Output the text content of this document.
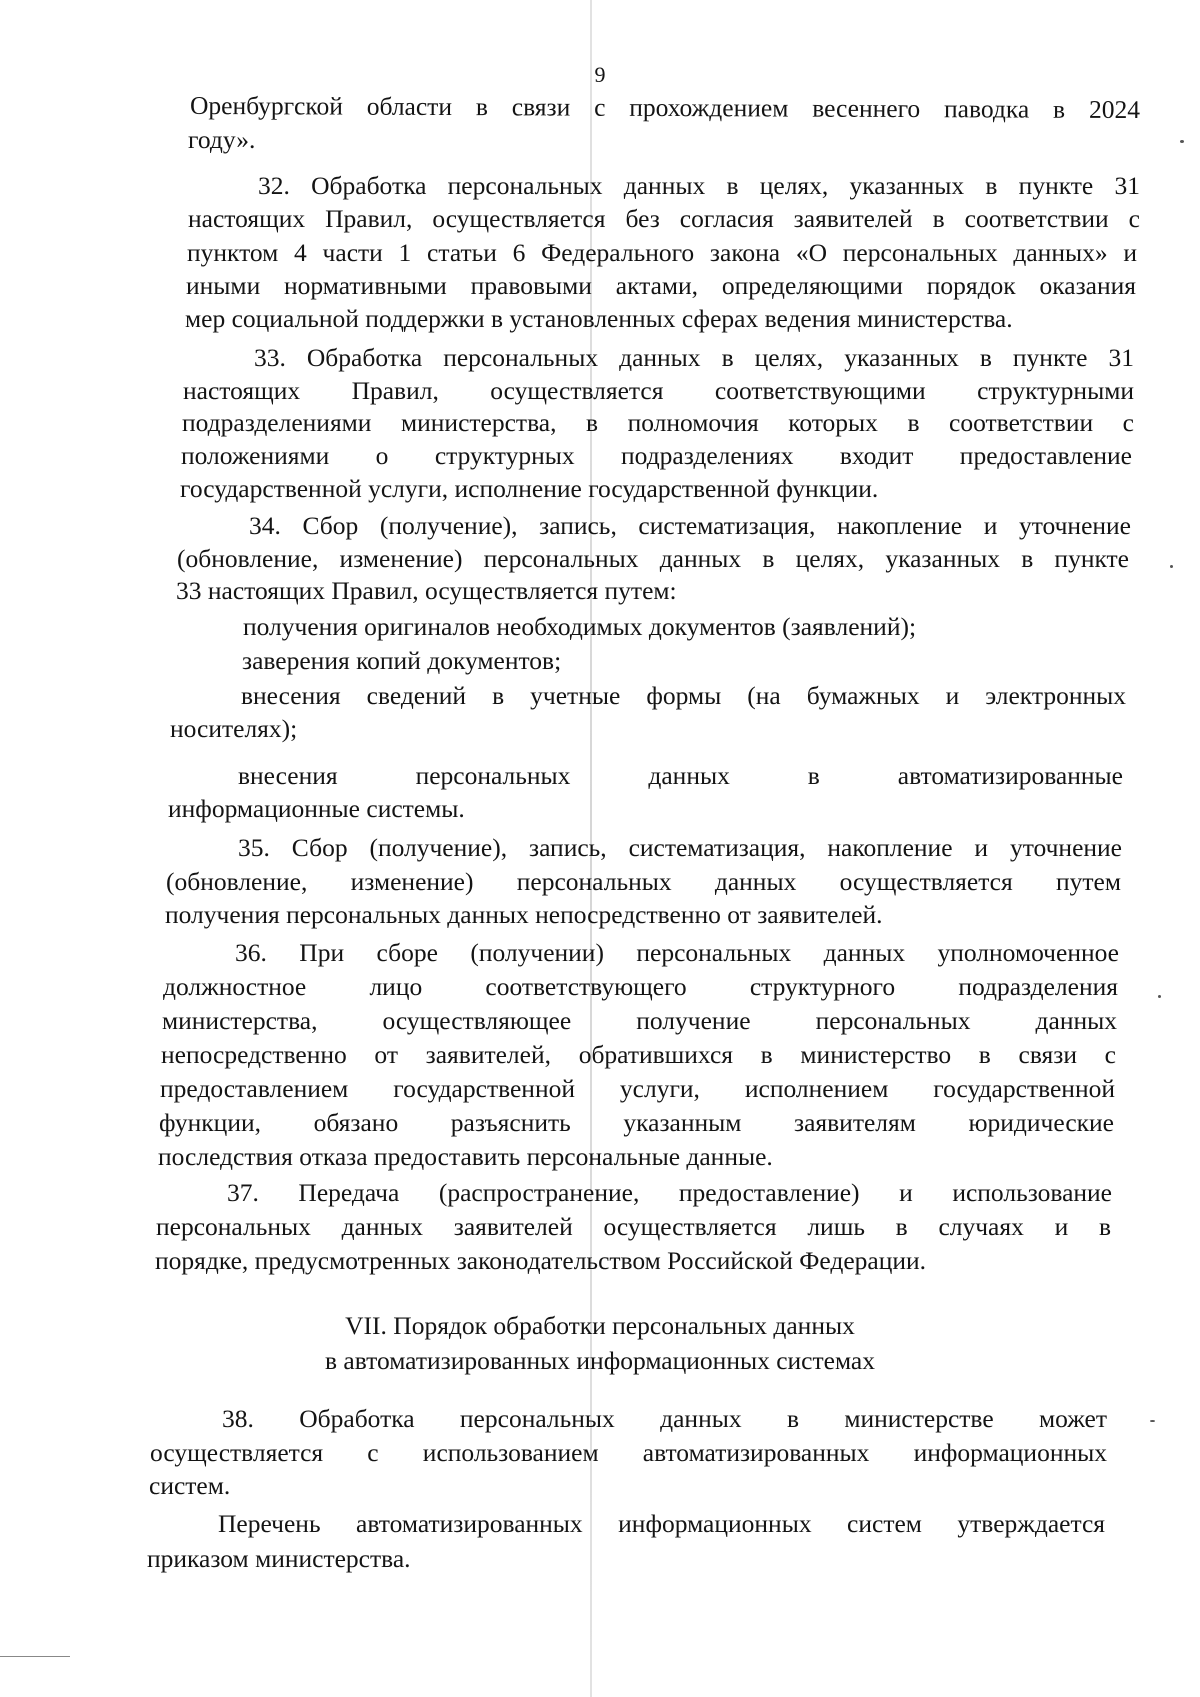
9
Оренбургской области в связи с прохождением весеннего паводка в 2024
году».
32. Обработка персональных данных в целях, указанных в пункте 31
настоящих Правил, осуществляется без согласия заявителей в соответствии с
пунктом 4 части 1 статьи 6 Федерального закона «О персональных данных» и
иными нормативными правовыми актами, определяющими порядок оказания
мер социальной поддержки в установленных сферах ведения министерства.
33. Обработка персональных данных в целях, указанных в пункте 31
настоящих Правил, осуществляется соответствующими структурными
подразделениями министерства, в полномочия которых в соответствии с
положениями о структурных подразделениях входит предоставление
государственной услуги, исполнение государственной функции.
34. Сбор (получение), запись, систематизация, накопление и уточнение
(обновление, изменение) персональных данных в целях, указанных в пункте
33 настоящих Правил, осуществляется путем:
получения оригиналов необходимых документов (заявлений);
заверения копий документов;
внесения сведений в учетные формы (на бумажных и электронных
носителях);
внесения персональных данных в автоматизированные
информационные системы.
35. Сбор (получение), запись, систематизация, накопление и уточнение
(обновление, изменение) персональных данных осуществляется путем
получения персональных данных непосредственно от заявителей.
36. При сборе (получении) персональных данных уполномоченное
должностное лицо соответствующего структурного подразделения
министерства, осуществляющее получение персональных данных
непосредственно от заявителей, обратившихся в министерство в связи с
предоставлением государственной услуги, исполнением государственной
функции, обязано разъяснить указанным заявителям юридические
последствия отказа предоставить персональные данные.
37. Передача (распространение, предоставление) и использование
персональных данных заявителей осуществляется лишь в случаях и в
порядке, предусмотренных законодательством Российской Федерации.
VII. Порядок обработки персональных данных
в автоматизированных информационных системах
38. Обработка персональных данных в министерстве может
осуществляется с использованием автоматизированных информационных
систем.
Перечень автоматизированных информационных систем утверждается
приказом министерства.
